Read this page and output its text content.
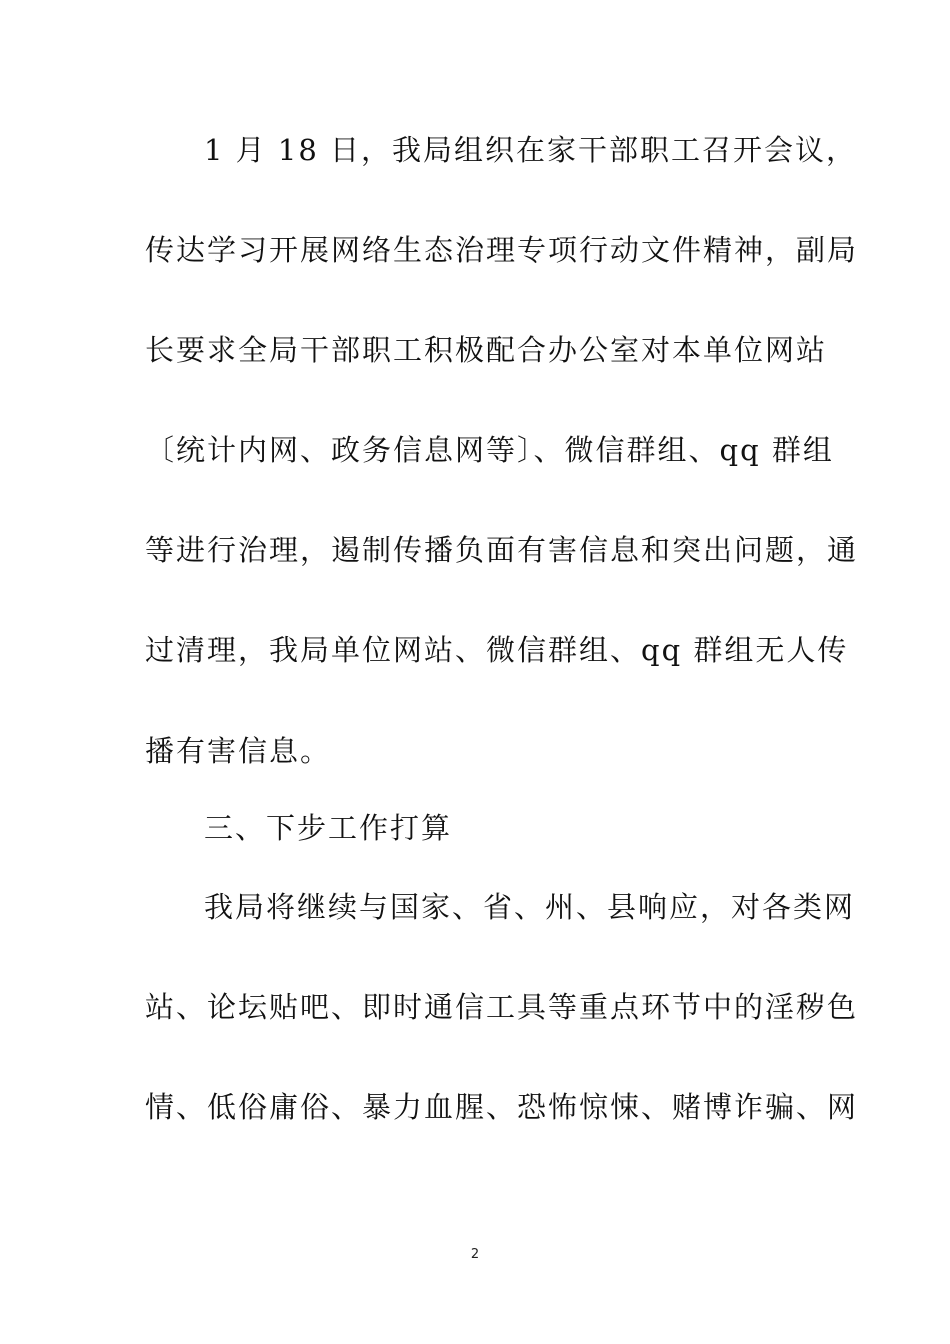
1 月 18 日，我局组织在家干部职工召开会议，
传达学习开展网络生态治理专项行动文件精神，副局
长要求全局干部职工积极配合办公室对本单位网站
〔统计内网、政务信息网等〕、微信群组、qq 群组
等进行治理，遏制传播负面有害信息和突出问题，通
过清理，我局单位网站、微信群组、qq 群组无人传
播有害信息。
三、下步工作打算
我局将继续与国家、省、州、县响应，对各类网
站、论坛贴吧、即时通信工具等重点环节中的淫秽色
情、低俗庸俗、暴力血腥、恐怖惊悚、赌博诈骗、网
2
